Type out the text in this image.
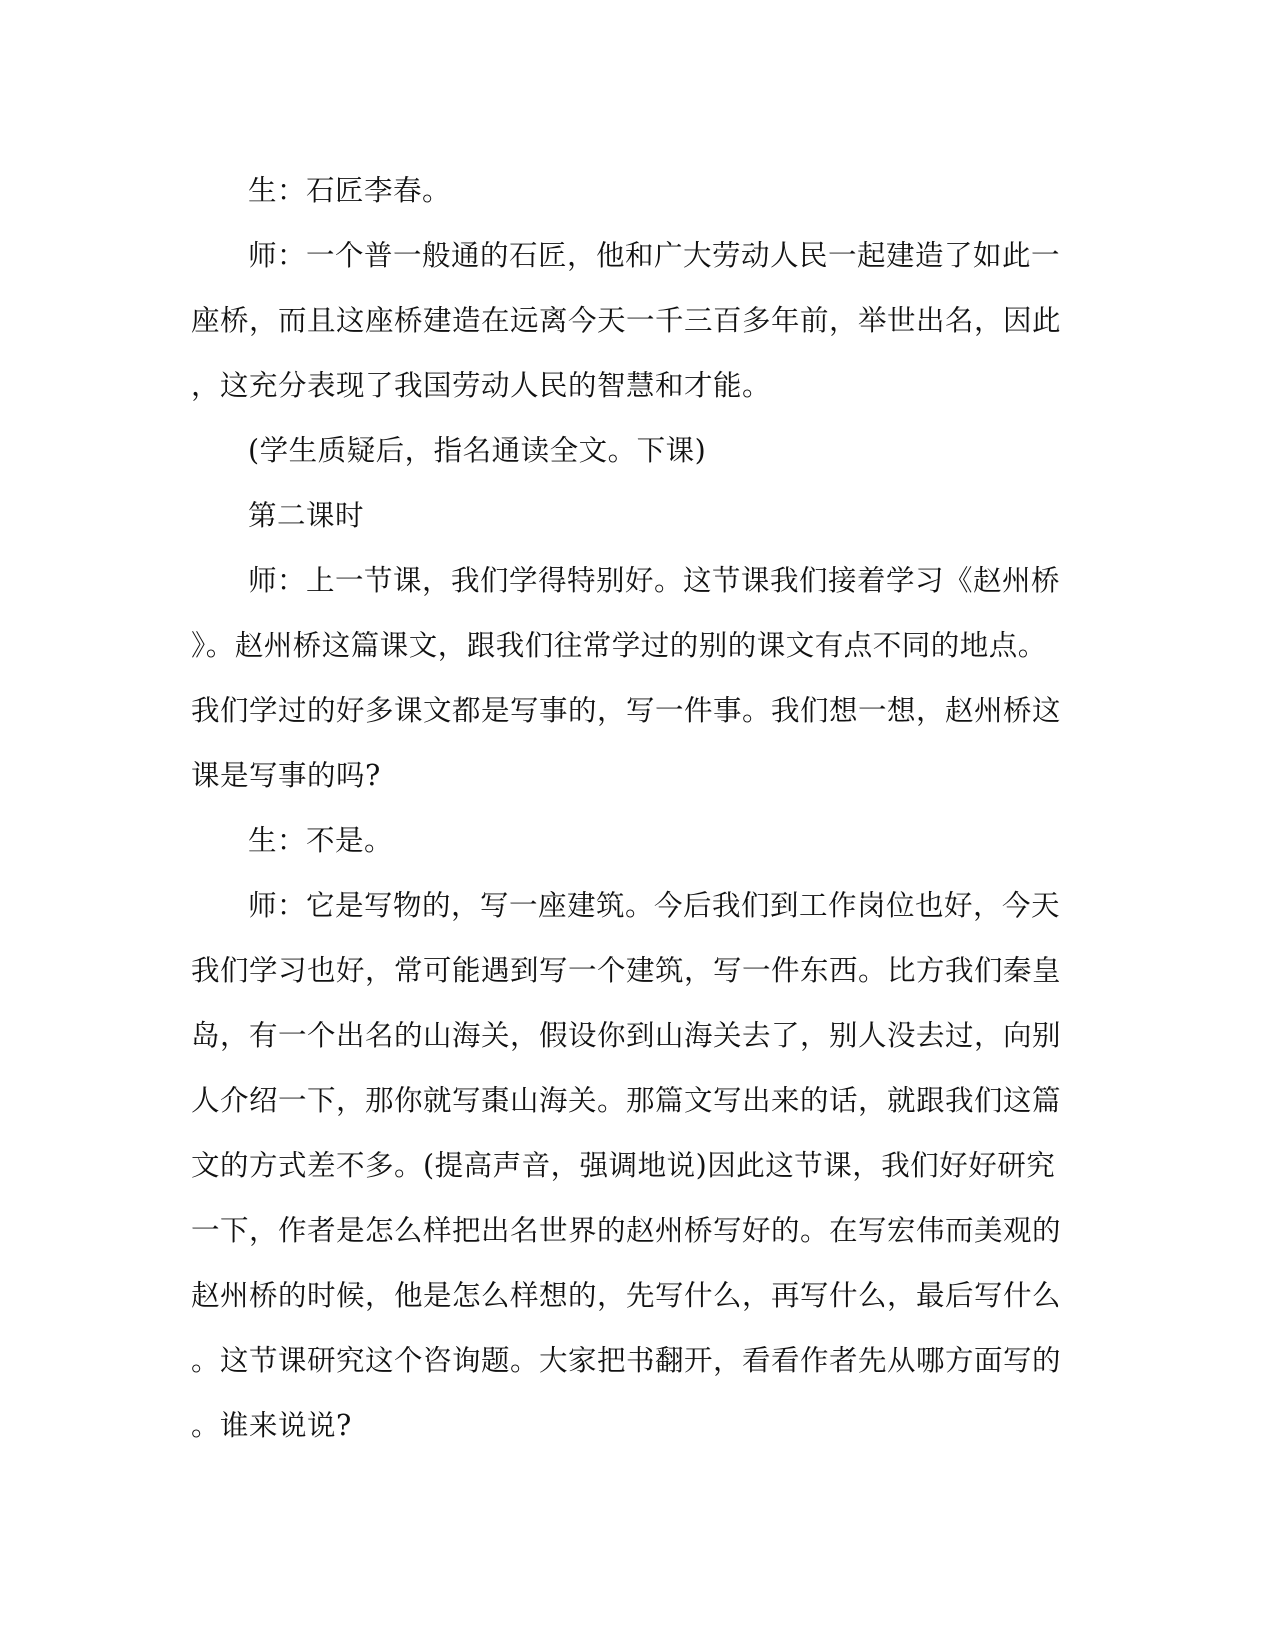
生：石匠李春。
师：一个普一般通的石匠，他和广大劳动人民一起建造了如此一
座桥，而且这座桥建造在远离今天一千三百多年前，举世出名，因此
，这充分表现了我国劳动人民的智慧和才能。
(学生质疑后，指名通读全文。下课)
第二课时
师：上一节课，我们学得特别好。这节课我们接着学习《赵州桥
》。赵州桥这篇课文，跟我们往常学过的别的课文有点不同的地点。
我们学过的好多课文都是写事的，写一件事。我们想一想，赵州桥这
课是写事的吗?
生：不是。
师：它是写物的，写一座建筑。今后我们到工作岗位也好，今天
我们学习也好，常可能遇到写一个建筑，写一件东西。比方我们秦皇
岛，有一个出名的山海关，假设你到山海关去了，别人没去过，向别
人介绍一下，那你就写棗山海关。那篇文写出来的话，就跟我们这篇
文的方式差不多。(提高声音，强调地说)因此这节课，我们好好研究
一下，作者是怎么样把出名世界的赵州桥写好的。在写宏伟而美观的
赵州桥的时候，他是怎么样想的，先写什么，再写什么，最后写什么
。这节课研究这个咨询题。大家把书翻开，看看作者先从哪方面写的
。谁来说说?
